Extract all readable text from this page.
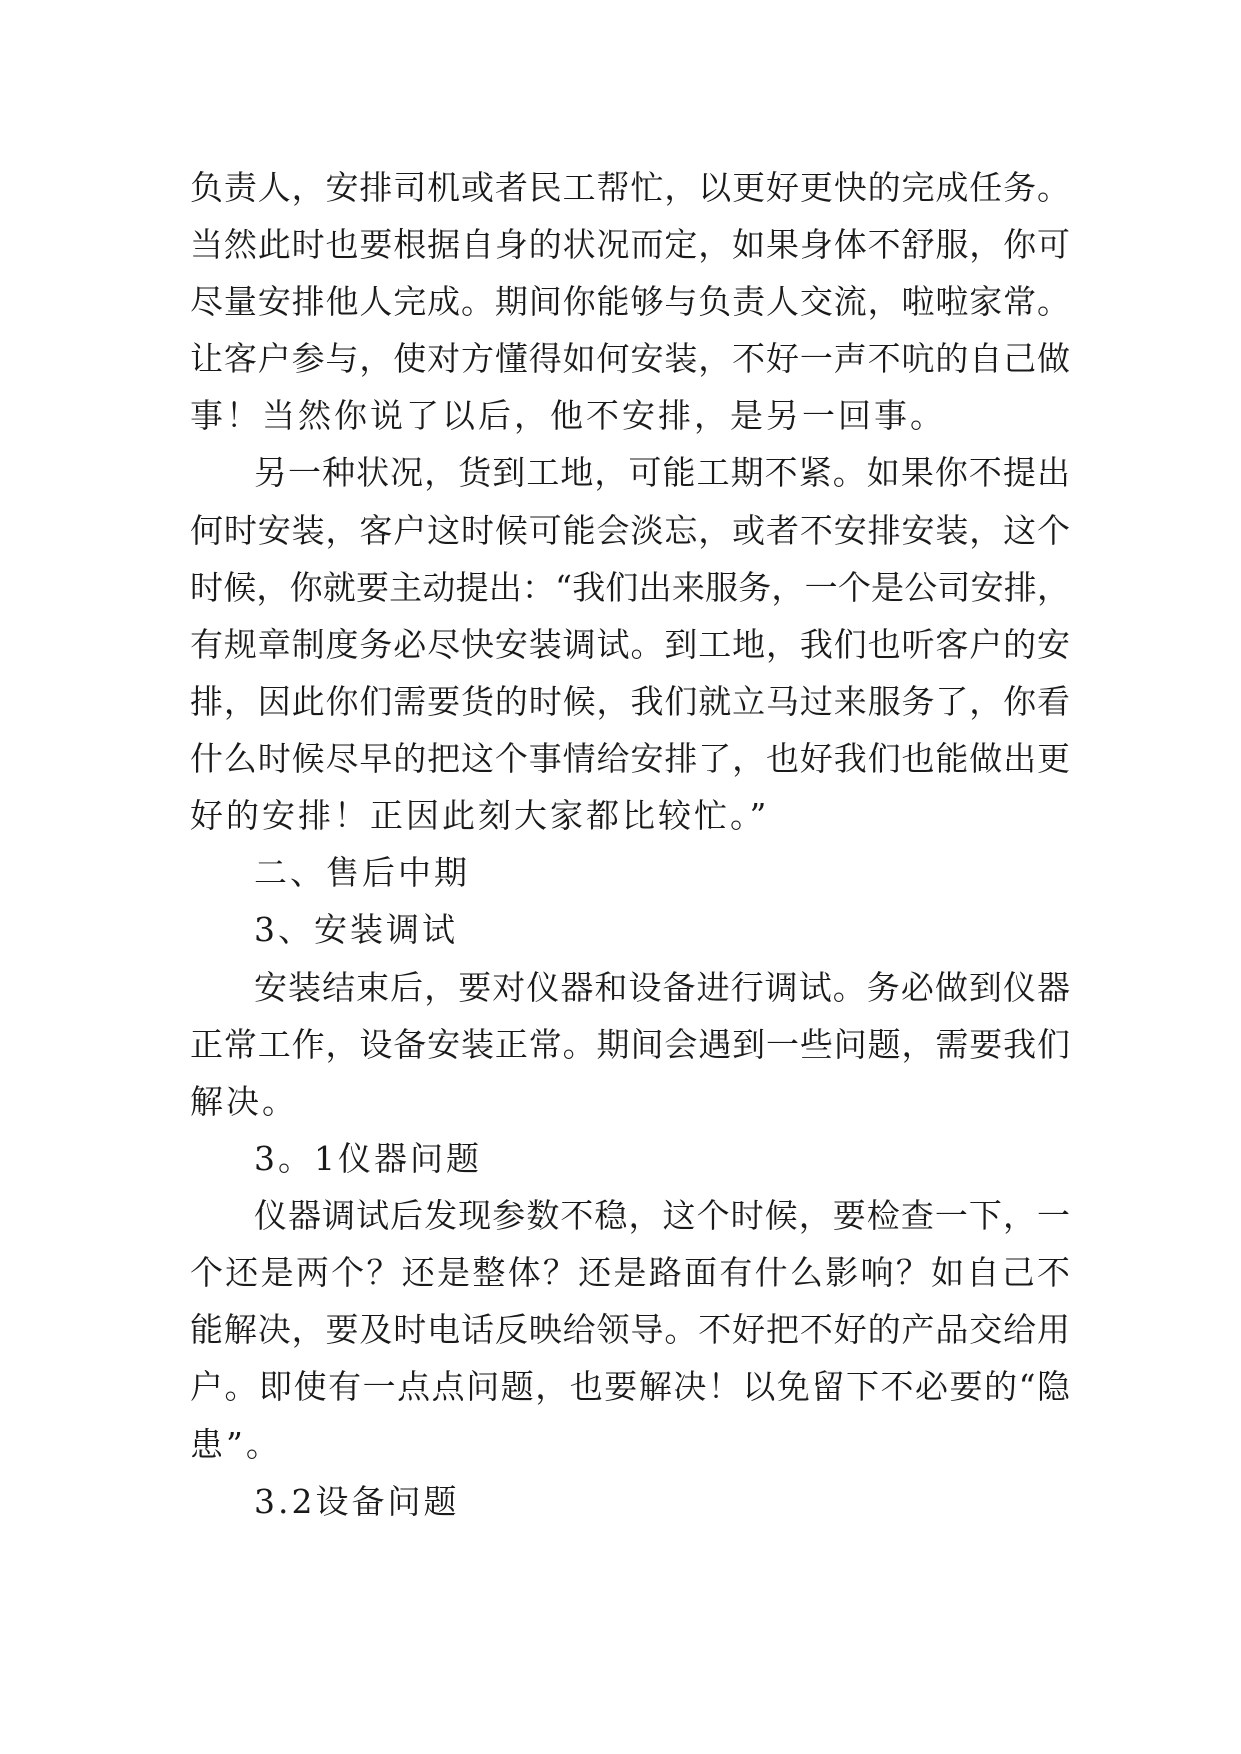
负责人，安排司机或者民工帮忙，以更好更快的完成任务。
当然此时也要根据自身的状况而定，如果身体不舒服，你可
尽量安排他人完成。期间你能够与负责人交流，啦啦家常。
让客户参与，使对方懂得如何安装，不好一声不吭的自己做
事！当然你说了以后，他不安排，是另一回事。
另一种状况，货到工地，可能工期不紧。如果你不提出
何时安装，客户这时候可能会淡忘，或者不安排安装，这个
时候，你就要主动提出：“我们出来服务，一个是公司安排，
有规章制度务必尽快安装调试。到工地，我们也听客户的安
排，因此你们需要货的时候，我们就立马过来服务了，你看
什么时候尽早的把这个事情给安排了，也好我们也能做出更
好的安排！正因此刻大家都比较忙。”
二、售后中期
3、安装调试
安装结束后，要对仪器和设备进行调试。务必做到仪器
正常工作，设备安装正常。期间会遇到一些问题，需要我们
解决。
3。1仪器问题
仪器调试后发现参数不稳，这个时候，要检查一下，一
个还是两个？还是整体？还是路面有什么影响？如自己不
能解决，要及时电话反映给领导。不好把不好的产品交给用
户。即使有一点点问题，也要解决！以免留下不必要的“隐
患”。
3.2设备问题
